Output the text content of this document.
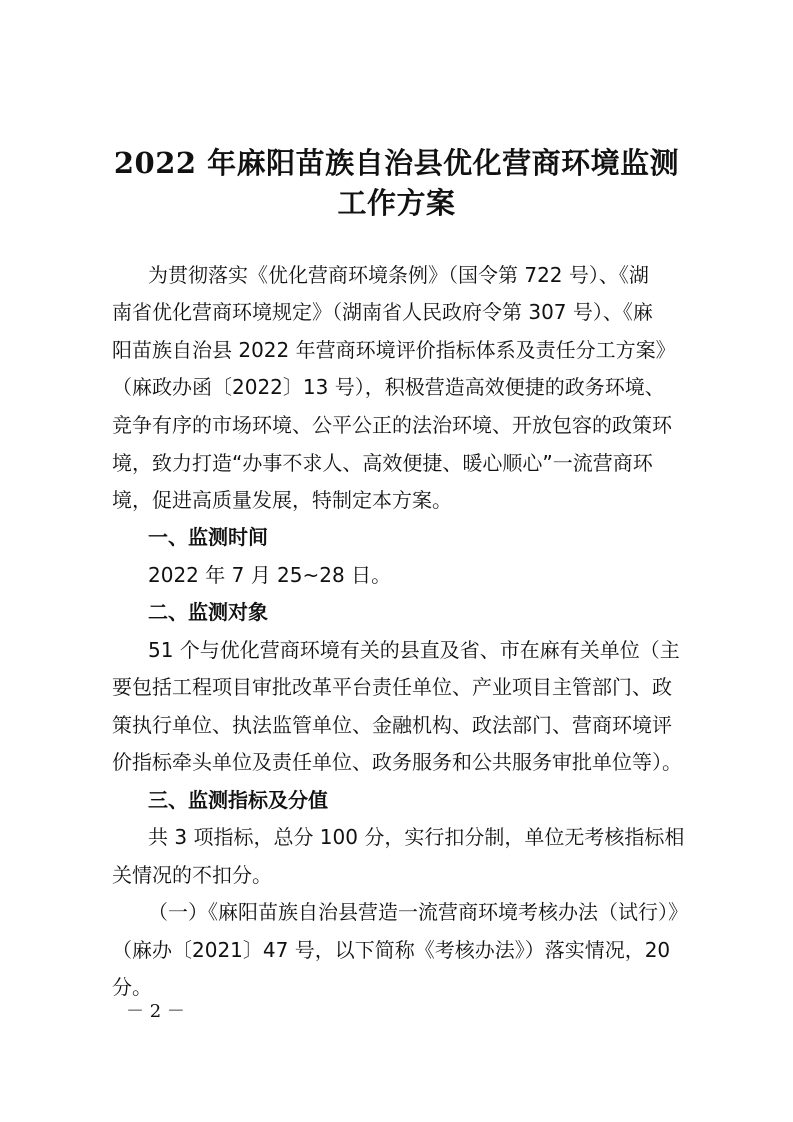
2022 年麻阳苗族自治县优化营商环境监测
工作方案
为贯彻落实《优化营商环境条例》（国令第 722 号）、《湖
南省优化营商环境规定》（湖南省人民政府令第 307 号）、《麻
阳苗族自治县 2022 年营商环境评价指标体系及责任分工方案》
（麻政办函〔2022〕13 号），积极营造高效便捷的政务环境、
竞争有序的市场环境、公平公正的法治环境、开放包容的政策环
境，致力打造“办事不求人、高效便捷、暖心顺心”一流营商环
境，促进高质量发展，特制定本方案。
一、监测时间
2022 年 7 月 25~28 日。
二、监测对象
51 个与优化营商环境有关的县直及省、市在麻有关单位（主
要包括工程项目审批改革平台责任单位、产业项目主管部门、政
策执行单位、执法监管单位、金融机构、政法部门、营商环境评
价指标牵头单位及责任单位、政务服务和公共服务审批单位等）。
三、监测指标及分值
共 3 项指标，总分 100 分，实行扣分制，单位无考核指标相
关情况的不扣分。
（一）《麻阳苗族自治县营造一流营商环境考核办法（试行）》
（麻办〔2021〕47 号，以下简称《考核办法》）落实情况，20
分。
－ 2 －
